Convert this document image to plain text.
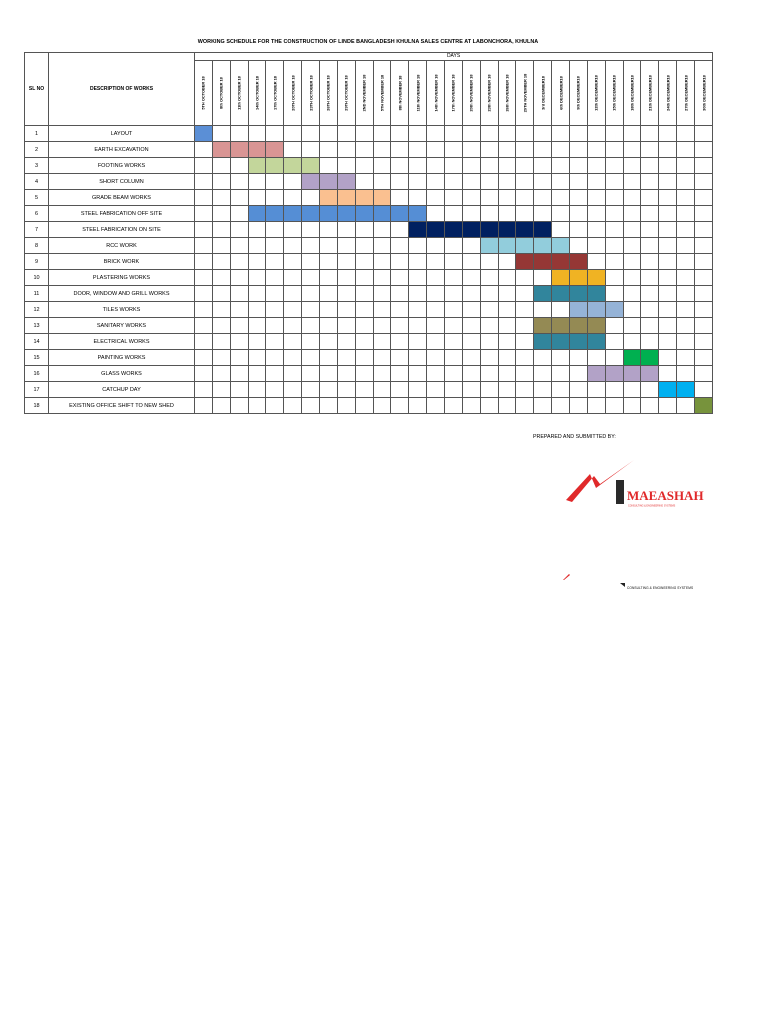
WORKING SCHEDULE FOR THE CONSTRUCTION OF LINDE BANGLADESH KHULNA SALES CENTRE AT LABONCHORA, KHULNA
SL NO	DESCRIPTION OF WORKS	DAYS																												

		5TH OCTOBER 18	8th OCTOBER 18	11th OCTOBER 18	14th OCTOBER 18	17th OCTOBER 18	20TH OCTOBER 18	23TH OCTOBER 18	26TH OCTOBER 18	29TH OCTOBER 18	2ND NOVEMBER 18	5TH NOVEMBER 18	8th NOVEMBER 18	11th NOVEMBER 18	14th NOVEMBER 18	17th NOVEMBER 18	20th NOVEMBER 18	23th NOVEMBER 18	26th NOVEMBER 18	29TH NOVEMBER 18	3rd DECEMBER18	6th DECEMBER18	9th DECEMBER18	12th DECEMBER18	15th DECEMBER18	18th DECEMBER18	21th DECEMBER18	24th DECEMBER18	27th DECEMBER18	30th DECEMBER18

1	LAYOUT																													
2	EARTH EXCAVATION																													
3	FOOTING WORKS																													
4	SHORT COLUMN																													
5	GRADE BEAM WORKS																													
6	STEEL FABRICATION OFF SITE																													
7	STEEL FABRICATION ON SITE																													
8	RCC WORK																													
9	BRICK WORK																													
10	PLASTERING WORKS																													
11	DOOR, WINDOW AND GRILL WORKS																													
12	TILES WORKS																													
13	SANITARY WORKS																													
14	ELECTRICAL WORKS																													
15	PAINTING WORKS																													
16	GLASS WORKS																													
17	CATCHUP DAY																													
18	EXISTING OFFICE SHIFT TO NEW SHED																													
PREPARED AND SUBMITTED BY:
MAEASHAH
CONSULTING & ENGINEERING SYSTEMS
CONSULTING & ENGINEERING SYSTEMS
